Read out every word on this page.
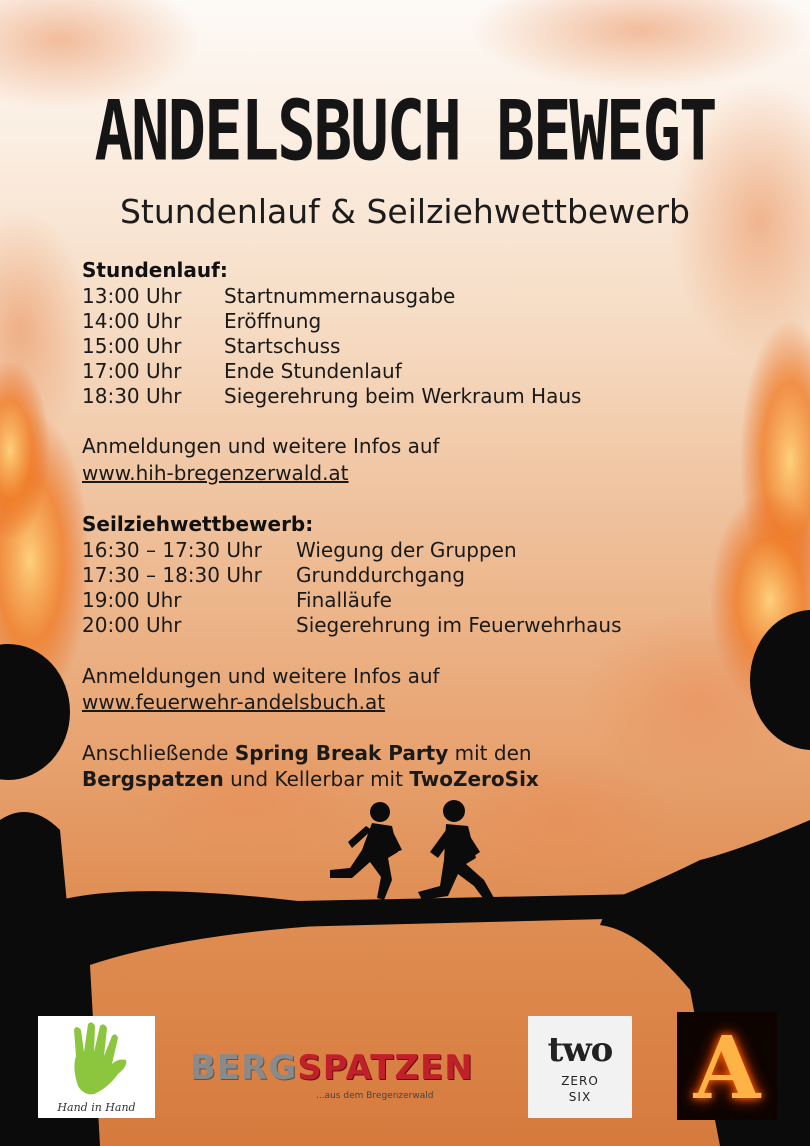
ANDELSBUCH BEWEGT
Stundenlauf & Seilziehwettbewerb
Stundenlauf:
13:00 Uhr Startnummernausgabe
14:00 Uhr Eröffnung
15:00 Uhr Startschuss
17:00 Uhr Ende Stundenlauf
18:30 Uhr Siegerehrung beim Werkraum Haus
Anmeldungen und weitere Infos auf
www.hih-bregenzerwald.at
Seilziehwettbewerb:
16:30 – 17:30 Uhr Wiegung der Gruppen
17:30 – 18:30 Uhr Grunddurchgang
19:00 Uhr	Finalläufe
20:00 Uhr	Siegerehrung im Feuerwehrhaus
Anmeldungen und weitere Infos auf
www.feuerwehr-andelsbuch.at
Anschließende Spring Break Party mit den
Bergspatzen und Kellerbar mit TwoZeroSix
Hand in Hand
BERGSPATZEN
...aus dem Bregenzerwald
two
ZERO
SIX	A
